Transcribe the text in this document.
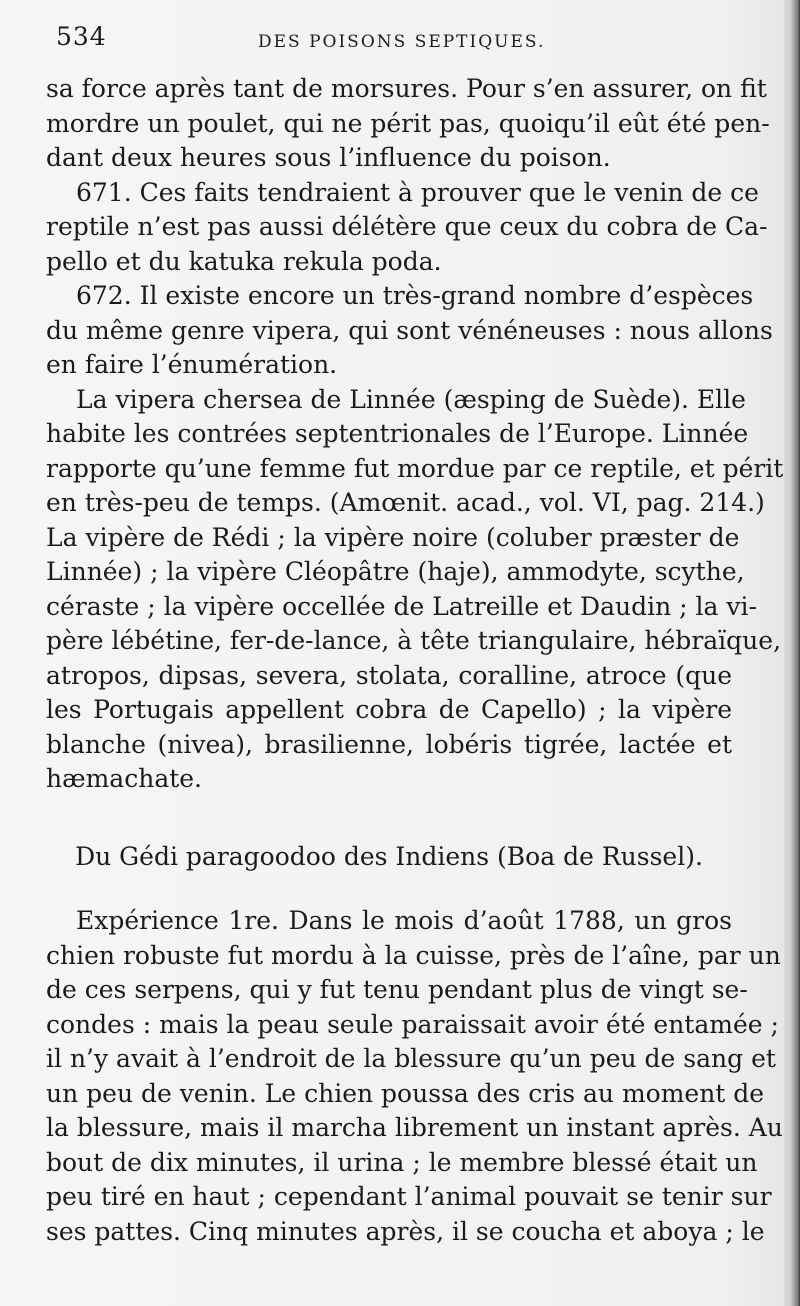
534	DES POISONS SEPTIQUES.
sa force après tant de morsures. Pour s’en assurer, on fit
mordre un poulet, qui ne périt pas, quoiqu’il eût été pen-
dant deux heures sous l’influence du poison.
671. Ces faits tendraient à prouver que le venin de ce
reptile n’est pas aussi délétère que ceux du cobra de Ca-
pello et du katuka rekula poda.
672. Il existe encore un très-grand nombre d’espèces
du même genre vipera, qui sont vénéneuses : nous allons
en faire l’énumération.
La vipera chersea de Linnée (æsping de Suède). Elle
habite les contrées septentrionales de l’Europe. Linnée
rapporte qu’une femme fut mordue par ce reptile, et périt
en très-peu de temps. (Amœnit. acad., vol. VI, pag. 214.)
La vipère de Rédi ; la vipère noire (coluber præster de
Linnée) ; la vipère Cléopâtre (haje), ammodyte, scythe,
céraste ; la vipère occellée de Latreille et Daudin ; la vi-
père lébétine, fer-de-lance, à tête triangulaire, hébraïque,
atropos, dipsas, severa, stolata, coralline, atroce (que
les Portugais appellent cobra de Capello) ; la vipère
blanche (nivea), brasilienne, lobéris tigrée, lactée et
hæmachate.
Du Gédi paragoodoo des Indiens (Boa de Russel).
Expérience 1re. Dans le mois d’août 1788, un gros
chien robuste fut mordu à la cuisse, près de l’aîne, par un
de ces serpens, qui y fut tenu pendant plus de vingt se-
condes : mais la peau seule paraissait avoir été entamée ;
il n’y avait à l’endroit de la blessure qu’un peu de sang et
un peu de venin. Le chien poussa des cris au moment de
la blessure, mais il marcha librement un instant après. Au
bout de dix minutes, il urina ; le membre blessé était un
peu tiré en haut ; cependant l’animal pouvait se tenir sur
ses pattes. Cinq minutes après, il se coucha et aboya ; le
